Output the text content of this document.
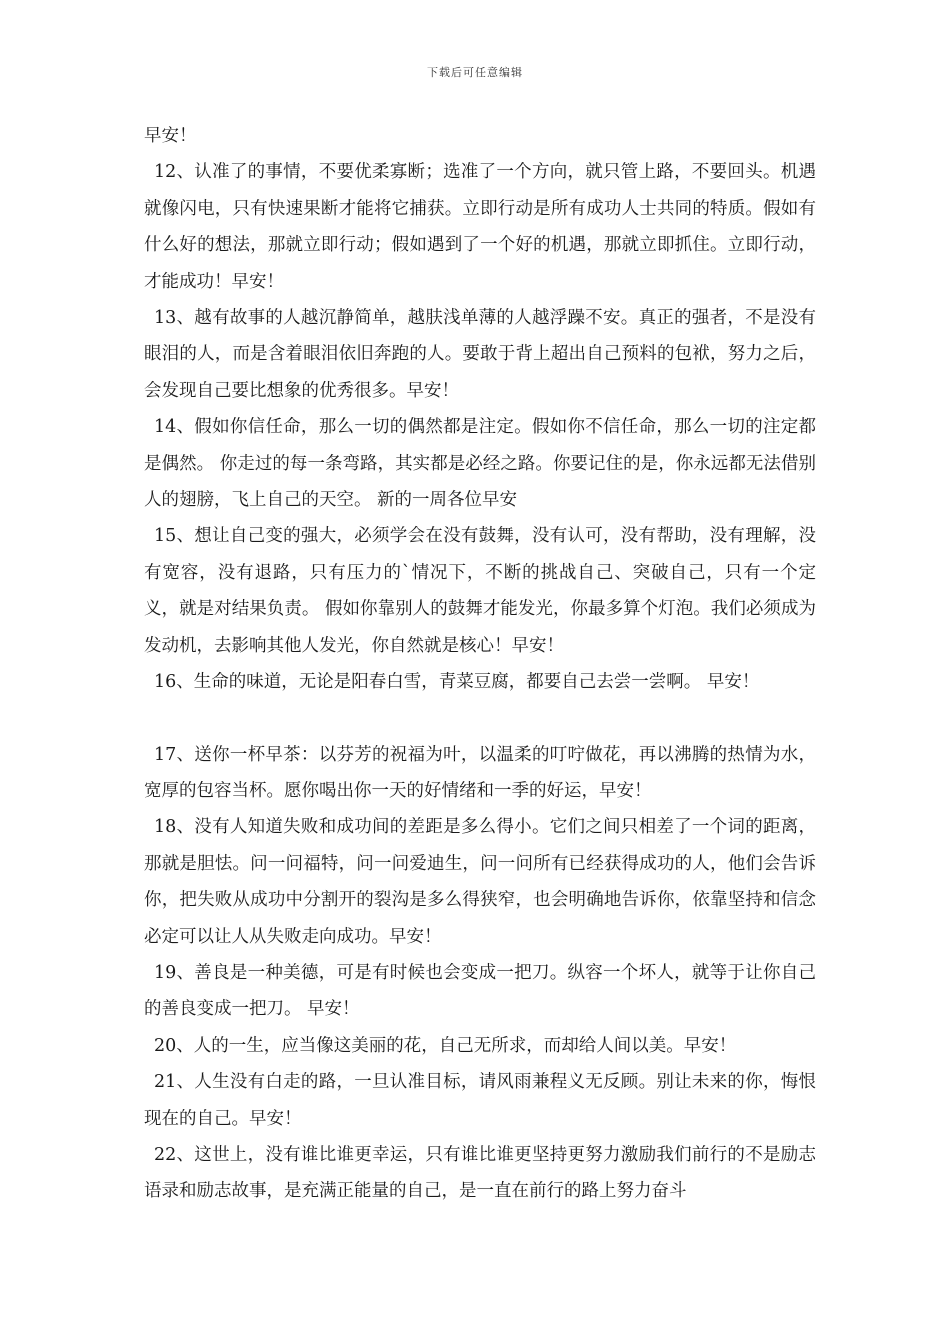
下载后可任意编辑

早安！

12、认准了的事情，不要优柔寡断；选准了一个方向，就只管上路，不要回头。机遇就像闪电，只有快速果断才能将它捕获。立即行动是所有成功人士共同的特质。假如有什么好的想法，那就立即行动；假如遇到了一个好的机遇，那就立即抓住。立即行动，才能成功！早安！

13、越有故事的人越沉静简单，越肤浅单薄的人越浮躁不安。真正的强者，不是没有眼泪的人，而是含着眼泪依旧奔跑的人。要敢于背上超出自己预料的包袱，努力之后，会发现自己要比想象的优秀很多。早安！

14、假如你信任命，那么一切的偶然都是注定。假如你不信任命，那么一切的注定都是偶然。 你走过的每一条弯路，其实都是必经之路。你要记住的是，你永远都无法借别人的翅膀，飞上自己的天空。 新的一周各位早安

15、想让自己变的强大，必须学会在没有鼓舞，没有认可，没有帮助，没有理解，没有宽容，没有退路，只有压力的`情况下，不断的挑战自己、突破自己，只有一个定义，就是对结果负责。 假如你靠别人的鼓舞才能发光，你最多算个灯泡。我们必须成为发动机，去影响其他人发光，你自然就是核心！早安！

16、生命的味道，无论是阳春白雪，青菜豆腐，都要自己去尝一尝啊。 早安！

17、送你一杯早茶：以芬芳的祝福为叶，以温柔的叮咛做花，再以沸腾的热情为水，宽厚的包容当杯。愿你喝出你一天的好情绪和一季的好运，早安！

18、没有人知道失败和成功间的差距是多么得小。它们之间只相差了一个词的距离，那就是胆怯。问一问福特，问一问爱迪生，问一问所有已经获得成功的人，他们会告诉你，把失败从成功中分割开的裂沟是多么得狭窄，也会明确地告诉你，依靠坚持和信念必定可以让人从失败走向成功。早安！

19、善良是一种美德，可是有时候也会变成一把刀。纵容一个坏人，就等于让你自己的善良变成一把刀。 早安！

20、人的一生，应当像这美丽的花，自己无所求，而却给人间以美。早安！

21、人生没有白走的路，一旦认准目标，请风雨兼程义无反顾。别让未来的你，悔恨现在的自己。早安！

22、这世上，没有谁比谁更幸运，只有谁比谁更坚持更努力激励我们前行的不是励志语录和励志故事，是充满正能量的自己，是一直在前行的路上努力奋斗
